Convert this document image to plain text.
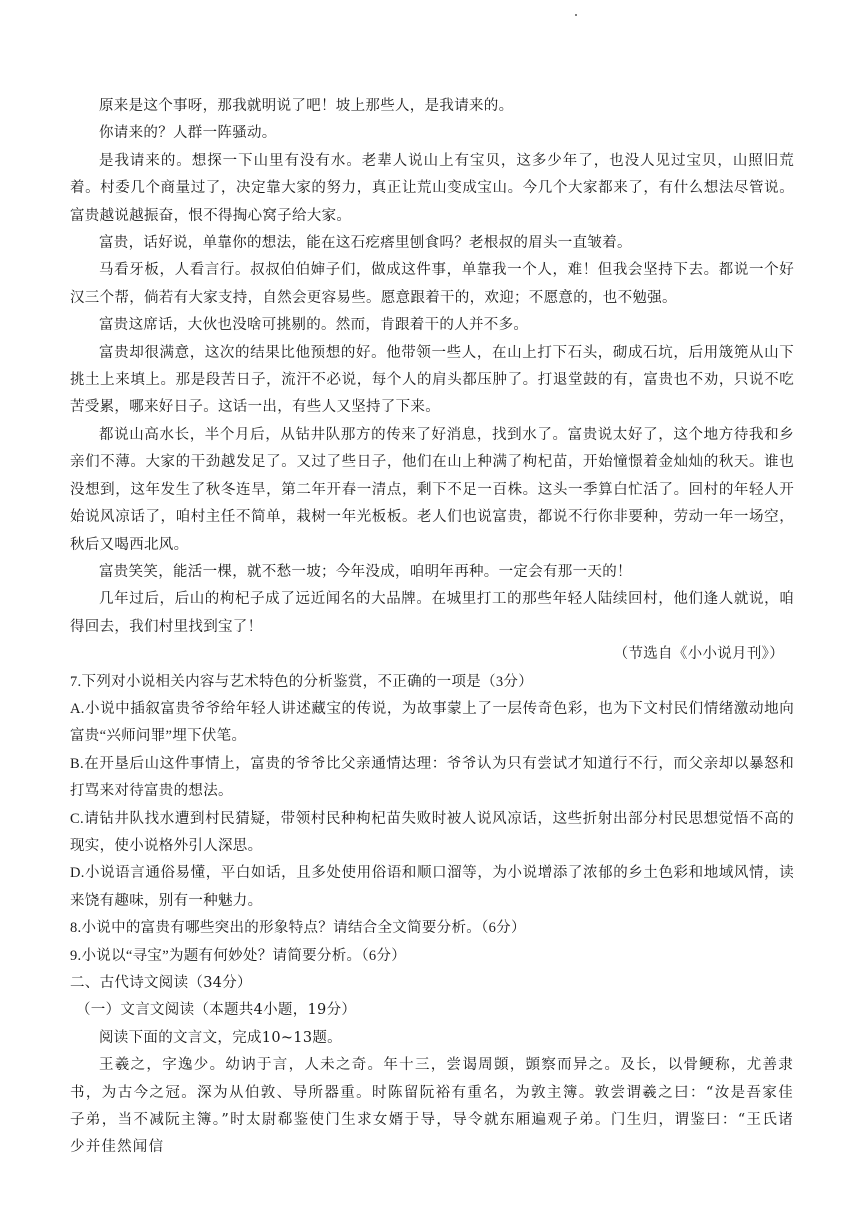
原来是这个事呀，那我就明说了吧！坡上那些人，是我请来的。

你请来的？人群一阵骚动。

是我请来的。想探一下山里有没有水。老辈人说山上有宝贝，这多少年了，也没人见过宝贝，山照旧荒着。村委几个商量过了，决定靠大家的努力，真正让荒山变成宝山。今几个大家都来了，有什么想法尽管说。富贵越说越振奋，恨不得掏心窝子给大家。

富贵，话好说，单靠你的想法，能在这石疙瘩里刨食吗？老根叔的眉头一直皱着。

马看牙板，人看言行。叔叔伯伯婶子们，做成这件事，单靠我一个人，难！但我会坚持下去。都说一个好汉三个帮，倘若有大家支持，自然会更容易些。愿意跟着干的，欢迎；不愿意的，也不勉强。

富贵这席话，大伙也没啥可挑剔的。然而，肯跟着干的人并不多。

富贵却很满意，这次的结果比他预想的好。他带领一些人，在山上打下石头，砌成石坑，后用筬篼从山下挑土上来填上。那是段苦日子，流汗不必说，每个人的肩头都压肿了。打退堂鼓的有，富贵也不劝，只说不吃苦受累，哪来好日子。这话一出，有些人又坚持了下来。

都说山高水长，半个月后，从钻井队那方的传来了好消息，找到水了。富贵说太好了，这个地方待我和乡亲们不薄。大家的干劲越发足了。又过了些日子，他们在山上种满了枸杞苗，开始憧憬着金灿灿的秋天。谁也没想到，这年发生了秋冬连旱，第二年开春一清点，剩下不足一百株。这头一季算白忙活了。回村的年轻人开始说风凉话了，咱村主任不简单，栽树一年光板板。老人们也说富贵，都说不行你非要种，劳动一年一场空，秋后又喝西北风。

富贵笑笑，能活一棵，就不愁一坡；今年没成，咱明年再种。一定会有那一天的！

几年过后，后山的枸杞子成了远近闻名的大品牌。在城里打工的那些年轻人陆续回村，他们逢人就说，咱得回去，我们村里找到宝了！

（节选自《小小说月刊》）

7.下列对小说相关内容与艺术特色的分析鉴赏，不正确的一项是（3分）

A.小说中插叙富贵爷爷给年轻人讲述藏宝的传说，为故事蒙上了一层传奇色彩，也为下文村民们情绪激动地向富贵“兴师问罪”埋下伏笔。

B.在开垦后山这件事情上，富贵的爷爷比父亲通情达理：爷爷认为只有尝试才知道行不行，而父亲却以暴怒和打骂来对待富贵的想法。

C.请钻井队找水遭到村民猜疑，带领村民种枸杞苗失败时被人说风凉话，这些折射出部分村民思想觉悟不高的现实，使小说格外引人深思。

D.小说语言通俗易懂，平白如话，且多处使用俗语和顺口溜等，为小说增添了浓郁的乡土色彩和地域风情，读来饶有趣味，别有一种魅力。

8.小说中的富贵有哪些突出的形象特点？请结合全文简要分析。（6分）

9.小说以“寻宝”为题有何妙处？请简要分析。（6分）

二、古代诗文阅读（34分）

（一）文言文阅读（本题共4小题，19分）

阅读下面的文言文，完成10~13题。

王羲之，字逸少。幼讷于言，人未之奇。年十三，尝谒周顗，顗察而异之。及长，以骨鲠称，尤善隶书，为古今之冠。深为从伯敦、导所器重。时陈留阮裕有重名，为敦主簿。敦尝谓羲之曰：“汝是吾家佳子弟，当不减阮主簿。”时太尉郗鉴使门生求女婿于导，导令就东厢遍观子弟。门生归，谓鉴曰：“王氏诸少并佳然闻信
